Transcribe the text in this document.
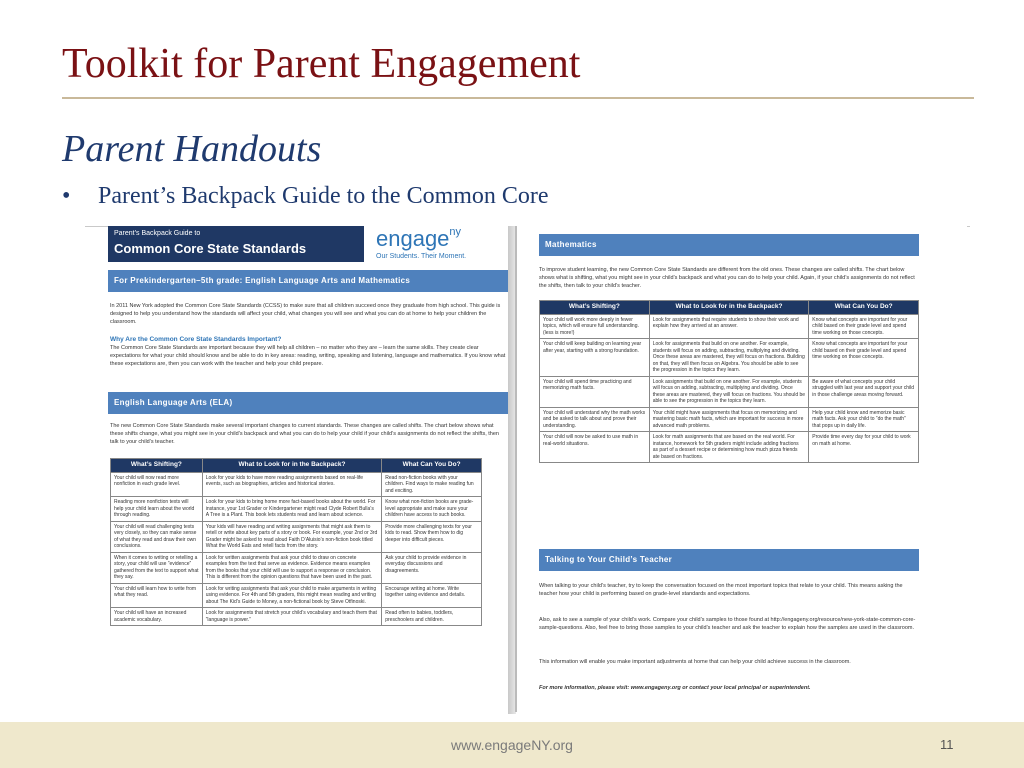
Toolkit for Parent Engagement
Parent Handouts
•	Parent’s Backpack Guide to the Common Core
Parent’s Backpack Guide to
Common Core State Standards	engage$^{ny}$
Our Students. Their Moment.
For Prekindergarten–5th grade: English Language Arts and Mathematics
In 2011 New York adopted the Common Core State Standards (CCSS) to make sure that all children succeed once they graduate from high school. This guide is designed to help you understand how the standards will affect your child, what changes you will see and what you can do at home to help your children the classroom.
Why Are the Common Core State Standards Important?
The Common Core State Standards are important because they will help all children – no matter who they are – learn the same skills. They create clear expectations for what your child should know and be able to do in key areas: reading, writing, speaking and listening, language and mathematics. If you know what these expectations are, then you can work with the teacher and help your child prepare.
English Language Arts (ELA)
The new Common Core State Standards make several important changes to current standards. These changes are called shifts. The chart below shows what these shifts change, what you might see in your child’s backpack and what you can do to help your child if your child’s assignments do not reflect the shifts, then talk to your child’s teacher.
What’s Shifting?	What to Look for in the Backpack?	What Can You Do?
Your child will now read more nonfiction in each grade level.	Look for your kids to have more reading assignments based on real-life events, such as biographies, articles and historical stories.	Read non-fiction books with your children. Find ways to make reading fun and exciting.
Reading more nonfiction texts will help your child learn about the world through reading.	Look for your kids to bring home more fact-based books about the world. For instance, your 1st Grader or Kindergartener might read Clyde Robert Bulla’s A Tree is a Plant. This book lets students read and learn about science.	Know what non-fiction books are grade-level appropriate and make sure your children have access to such books.
Your child will read challenging texts very closely, so they can make sense of what they read and draw their own conclusions.	Your kids will have reading and writing assignments that might ask them to retell or write about key parts of a story or book. For example, your 2nd or 3rd Grader might be asked to read aloud Faith D’Aluisio’s non-fiction book titled What the World Eats and retell facts from the story.	Provide more challenging texts for your kids to read. Show them how to dig deeper into difficult pieces.
When it comes to writing or retelling a story, your child will use “evidence” gathered from the text to support what they say.	Look for written assignments that ask your child to draw on concrete examples from the text that serve as evidence. Evidence means examples from the books that your child will use to support a response or conclusion. This is different from the opinion questions that have been used in the past.	Ask your child to provide evidence in everyday discussions and disagreements.
Your child will learn how to write from what they read.	Look for writing assignments that ask your child to make arguments in writing using evidence. For 4th and 5th graders, this might mean reading and writing about The Kid’s Guide to Money, a non-fictional book by Steve Otfinoski.	Encourage writing at home. Write together using evidence and details.
Your child will have an increased academic vocabulary.	Look for assignments that stretch your child’s vocabulary and teach them that “language is power.”	Read often to babies, toddlers, preschoolers and children.
Mathematics
To improve student learning, the new Common Core State Standards are different from the old ones. These changes are called shifts. The chart below shows what is shifting, what you might see in your child’s backpack and what you can do to help your child. Again, if your child’s assignments do not reflect the shifts, then talk to your child’s teacher.
What’s Shifting?	What to Look for in the Backpack?	What Can You Do?
Your child will work more deeply in fewer topics, which will ensure full understanding. (less is more!)	Look for assignments that require students to show their work and explain how they arrived at an answer.	Know what concepts are important for your child based on their grade level and spend time working on those concepts.
Your child will keep building on learning year after year, starting with a strong foundation.	Look for assignments that build on one another. For example, students will focus on adding, subtracting, multiplying and dividing. Once these areas are mastered, they will focus on fractions. Building on that, they will then focus on Algebra. You should be able to see the progression in the topics they learn.	Know what concepts are important for your child based on their grade level and spend time working on those concepts.
Your child will spend time practicing and memorizing math facts.	Look assignments that build on one another. For example, students will focus on adding, subtracting, multiplying and dividing. Once these areas are mastered, they will focus on fractions. You should be able to see the progression in the topics they learn.	Be aware of what concepts your child struggled with last year and support your child in those challenge areas moving forward.
Your child will understand why the math works and be asked to talk about and prove their understanding.	Your child might have assignments that focus on memorizing and mastering basic math facts, which are important for success in more advanced math problems.	Help your child know and memorize basic math facts. Ask your child to “do the math” that pops up in daily life.
Your child will now be asked to use math in real-world situations.	Look for math assignments that are based on the real world. For instance, homework for 5th graders might include adding fractions as part of a dessert recipe or determining how much pizza friends ate based on fractions.	Provide time every day for your child to work on math at home.
Talking to Your Child’s Teacher
When talking to your child’s teacher, try to keep the conversation focused on the most important topics that relate to your child. This means asking the teacher how your child is performing based on grade-level standards and expectations.
Also, ask to see a sample of your child’s work. Compare your child’s samples to those found at http://engageny.org/resource/new-york-state-common-core-sample-questions. Also, feel free to bring those samples to your child’s teacher and ask the teacher to explain how the samples are used in the classroom.
This information will enable you make important adjustments at home that can help your child achieve success in the classroom.
For more information, please visit: www.engageny.org or contact your local principal or superintendent.
www.engageNY.org	11
